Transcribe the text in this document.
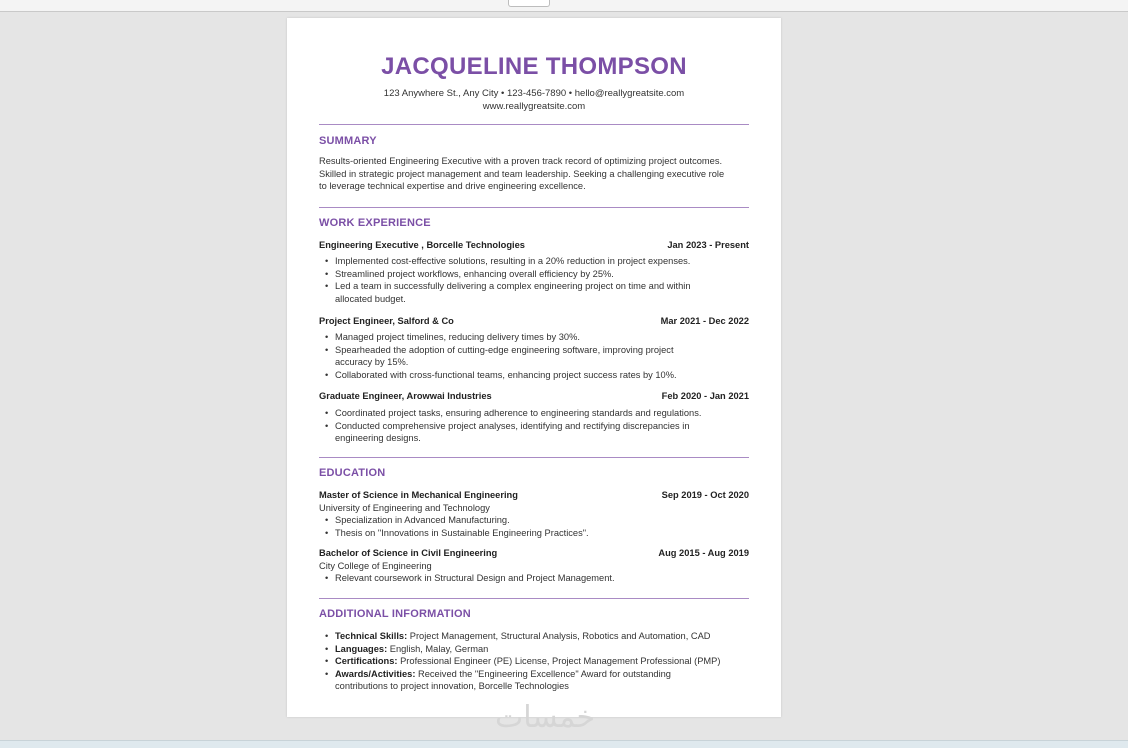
JACQUELINE THOMPSON
123 Anywhere St., Any City • 123-456-7890 • hello@reallygreatsite.com
www.reallygreatsite.com
SUMMARY
Results-oriented Engineering Executive with a proven track record of optimizing project outcomes.
Skilled in strategic project management and team leadership. Seeking a challenging executive role
to leverage technical expertise and drive engineering excellence.
WORK EXPERIENCE
Engineering Executive , Borcelle Technologies	Jan 2023 - Present
• Implemented cost-effective solutions, resulting in a 20% reduction in project expenses.
• Streamlined project workflows, enhancing overall efficiency by 25%.
• Led a team in successfully delivering a complex engineering project on time and within
allocated budget.
Project Engineer, Salford & Co	Mar 2021 - Dec 2022
• Managed project timelines, reducing delivery times by 30%.
• Spearheaded the adoption of cutting-edge engineering software, improving project
accuracy by 15%.
• Collaborated with cross-functional teams, enhancing project success rates by 10%.
Graduate Engineer, Arowwai Industries	Feb 2020 - Jan 2021
• Coordinated project tasks, ensuring adherence to engineering standards and regulations.
• Conducted comprehensive project analyses, identifying and rectifying discrepancies in
engineering designs.
EDUCATION
Master of Science in Mechanical Engineering	Sep 2019 - Oct 2020
University of Engineering and Technology
• Specialization in Advanced Manufacturing.
• Thesis on "Innovations in Sustainable Engineering Practices".
Bachelor of Science in Civil Engineering	Aug 2015 - Aug 2019
City College of Engineering
• Relevant coursework in Structural Design and Project Management.
ADDITIONAL INFORMATION
• Technical Skills: Project Management, Structural Analysis, Robotics and Automation, CAD
• Languages: English, Malay, German
• Certifications: Professional Engineer (PE) License, Project Management Professional (PMP)
• Awards/Activities: Received the "Engineering Excellence" Award for outstanding
contributions to project innovation, Borcelle Technologies
خمسات
